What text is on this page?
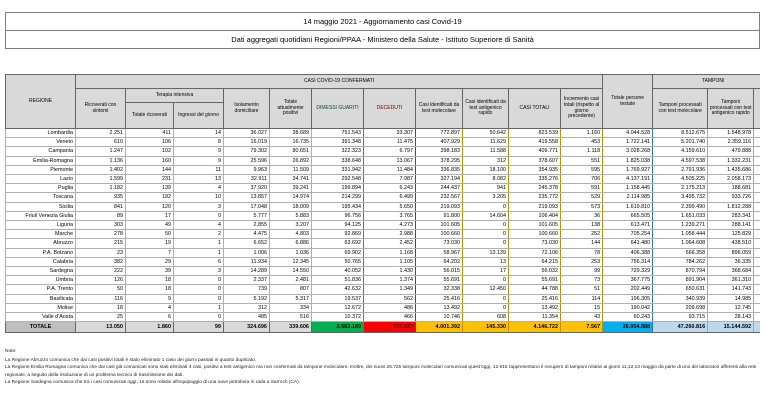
14 maggio 2021 - Aggiornamento casi Covid-19
Dati aggregati quotidiani Regioni/PPAA - Ministero della Salute - Istituto Superiore di Sanità
REGIONE	CASI COVID-19 CONFERMATI											Totale persone testate	TAMPONI		
	Ricoverati con sintomi	Terapia intensiva		Isolamento domiciliare	Totale attualmente positivi	DIMESSI GUARITI	DECEDUTI	Casi identificati da test molecolare	Casi identificati da test antigenico rapido	CASI TOTALI	Incremento casi totali (rispetto al giorno precedente)		Tamponi processati con test molecolare	Tamponi processati con test antigenico rapido	
		Totale ricoverati	Ingressi del giorno												
Lombardia	2.251	411	14	36.027	38.689	751.543	33.307	772.897	50.642	823.539	1.160	4.044.528	8.512.675	1.548.978	
Veneto	610	106	8	16.019	16.735	391.348	11.475	407.929	11.629	419.558	453	1.722.141	5.201.740	2.359.116	
Campania	1.247	102	9	79.302	80.651	322.323	6.797	398.183	11.588	409.771	1.118	3.028.268	4.159.610	479.888	
Emilia-Romagna	1.136	160	9	25.596	26.892	338.648	13.067	378.295	312	378.607	551	1.825.038	4.597.538	1.332.231	
Piemonte	1.402	144	11	9.963	11.509	331.942	11.484	336.835	18.100	354.935	595	1.769.927	2.791.936	1.435.686	
Lazio	1.599	231	13	32.911	34.741	292.548	7.987	327.194	8.082	335.276	706	4.137.191	4.505.225	2.058.173	
Puglia	1.182	139	4	37.920	39.241	199.894	6.243	244.437	941	245.378	591	1.158.445	2.175.213	188.681	
Toscana	935	182	10	13.857	14.974	214.299	6.499	232.567	3.205	235.772	529	2.114.985	3.495.732	933.726	
Sicilia	841	120	3	17.048	18.009	195.434	5.650	219.093	0	219.093	573	1.619.810	2.399.490	1.812.288	
Friuli Venezia Giulia	89	17	0	5.777	5.883	96.756	3.765	91.800	14.604	106.404	36	665.505	1.651.033	283.341	
Liguria	303	49	4	2.855	3.207	94.125	4.273	101.605	0	101.605	138	613.471	1.239.271	288.141	
Marche	278	50	2	4.475	4.803	92.869	2.988	100.660	0	100.660	252	705.254	1.058.444	125.829	
Abruzzo	215	19	1	6.652	6.886	63.692	2.452	73.030	0	73.030	144	641.480	1.064.608	438.510	
P.A. Bolzano	23	7	1	1.006	1.036	69.902	1.168	58.967	13.139	72.106	78	406.388	566.358	896.059	
Calabria	382	29	6	11.934	12.345	50.765	1.105	64.202	13	64.215	253	756.314	784.262	36.335	
Sardegna	222	39	3	14.289	14.550	40.052	1.430	56.015	17	56.032	99	729.329	870.794	368.684	
Umbria	126	18	0	2.337	2.481	51.836	1.374	55.691	0	55.691	73	367.775	891.904	361.310	
P.A. Trento	50	18	0	739	807	42.632	1.349	32.338	12.450	44.788	51	202.449	650.631	141.743	
Basilicata	116	9	0	5.192	5.317	19.537	562	25.416	0	25.416	114	196.305	340.939	14.985	
Molise	18	4	1	312	334	12.672	486	13.492	0	13.492	15	190.042	209.698	12.745	
Valle d'Aosta	25	6	0	485	516	10.372	466	10.746	608	11.354	43	60.243	93.715	28.143	
TOTALE	13.050	1.860	99	324.696	339.606	3.683.189	123.927	4.001.392	145.330	4.146.722	7.567	26.954.888	47.260.816	15.144.592	
Note:
La Regione Abruzzo comunica che dai casi positivi totali è stato eliminato 1 caso dei giorni passati in quanto duplicato.
La Regione Emilia Romagna comunica che dai casi già comunicati sono stati eliminati 4 casi, positivi a test antigenico ma non confermati da tampone molecolare. Inoltre, dei nuovi 26.725 tamponi molecolari comunicati quest'oggi, 12.915 rappresentano il recupero di tamponi relativi ai giorni 11,12,13 maggio da parte di uno dei laboratori afferenti alla rete regionale, a seguito della risoluzione di un problema tecnico di trasmissione dei dati.
La Regione Sardegna comunica che tra i casi comunicati oggi, 15 sono relativi all'equipaggio di una nave petroliera in rada a Sarroch (CA).
